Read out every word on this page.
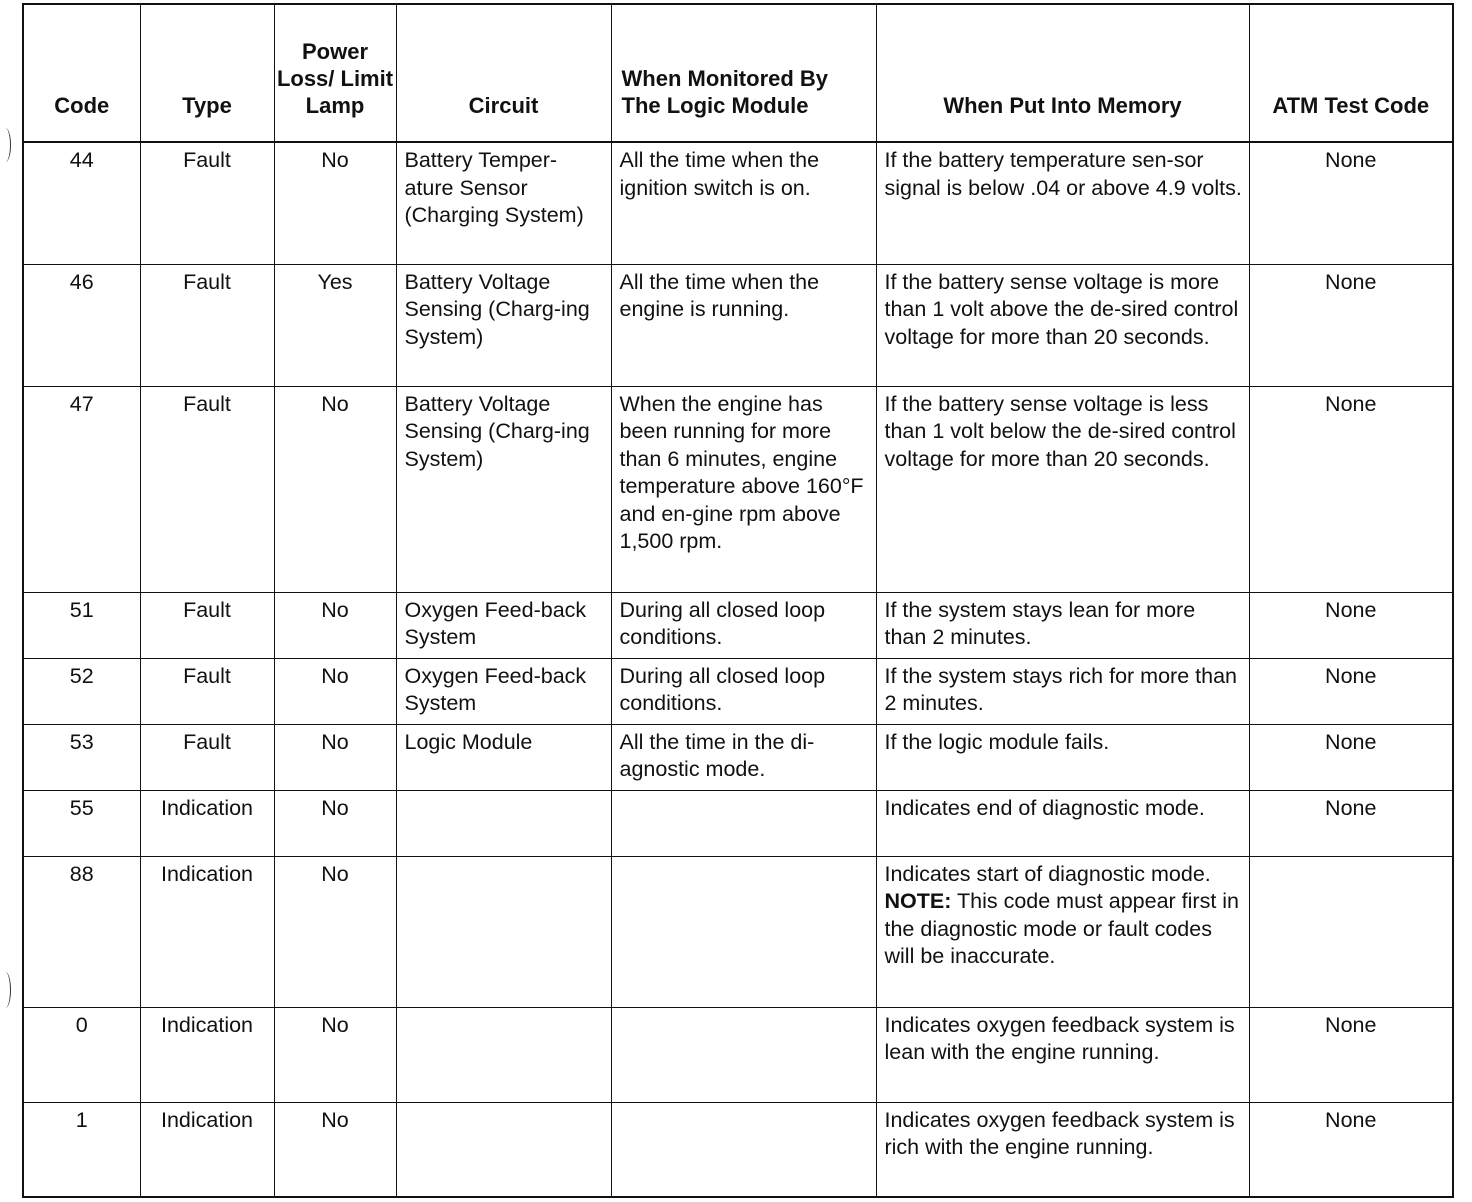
Code	Type	Power Loss/ Limit Lamp	Circuit	When Monitored By The Logic Module	When Put Into Memory	ATM Test Code
44	Fault	No	Battery Temper-ature Sensor (Charging System)	All the time when the ignition switch is on.	If the battery temperature sen-sor signal is below .04 or above 4.9 volts.	None
46	Fault	Yes	Battery Voltage Sensing (Charg-ing System)	All the time when the engine is running.	If the battery sense voltage is more than 1 volt above the de-sired control voltage for more than 20 seconds.	None
47	Fault	No	Battery Voltage Sensing (Charg-ing System)	When the engine has been running for more than 6 minutes, engine temperature above 160°F and en-gine rpm above 1,500 rpm.	If the battery sense voltage is less than 1 volt below the de-sired control voltage for more than 20 seconds.	None
51	Fault	No	Oxygen Feed-back System	During all closed loop conditions.	If the system stays lean for more than 2 minutes.	None
52	Fault	No	Oxygen Feed-back System	During all closed loop conditions.	If the system stays rich for more than 2 minutes.	None
53	Fault	No	Logic Module	All the time in the di-agnostic mode.	If the logic module fails.	None
55	Indication	No			Indicates end of diagnostic mode.	None
88	Indication	No			Indicates start of diagnostic mode. NOTE: This code must appear first in the diagnostic mode or fault codes will be inaccurate.	
0	Indication	No			Indicates oxygen feedback system is lean with the engine running.	None
1	Indication	No			Indicates oxygen feedback system is rich with the engine running.	None
